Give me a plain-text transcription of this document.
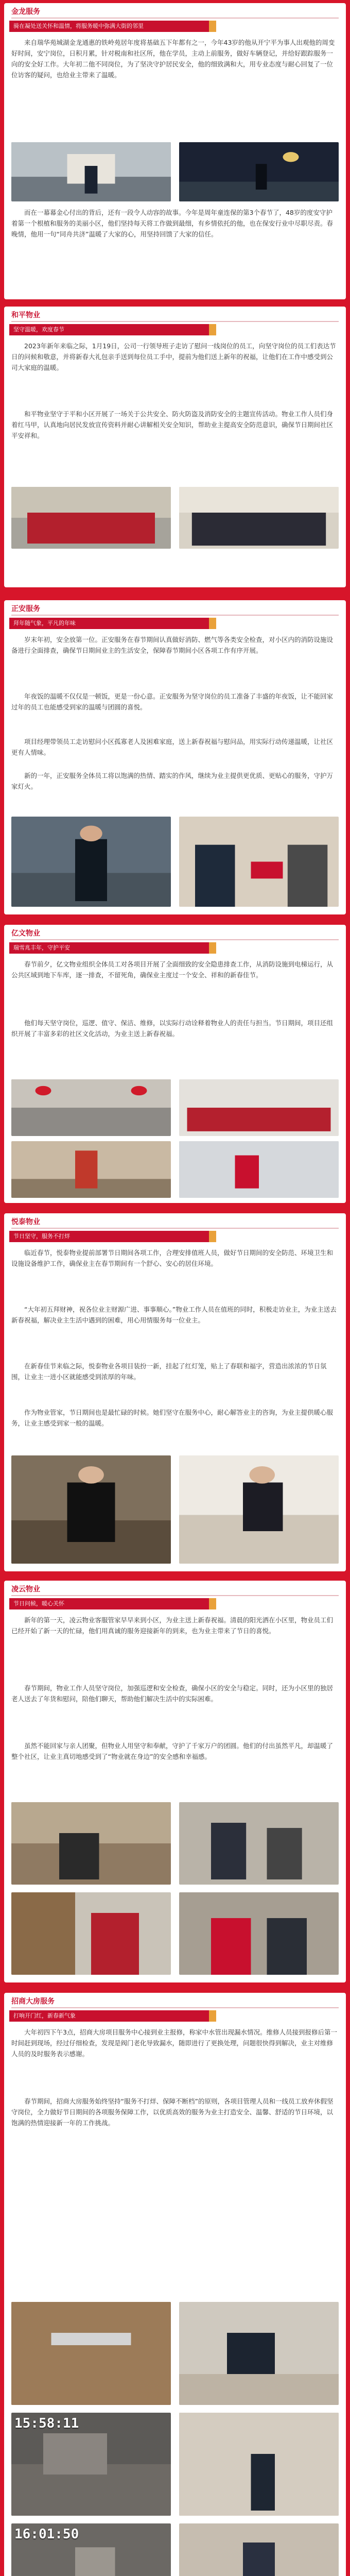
金龙服务
骑在凝处送关怀和温情，将服务暖中弥满大街的邻里

来自瑞华苑城湖金龙通惠的铁岭苑居年度将基础五下年都有之一，今年43岁的他从开宁平为事人出观他的周变好时间，安宁岗位，日积月累，针对税南和社区所，他在学员，主动上前服务，做好车辆登记，并给好跟踪服务一向的安全好工作。大年初二他不同岗位，为了坚决守护居民安全，他的细致满和大，用专业态度与耐心回复了一位位访客的疑问，也给业主带来了温暖。

而在一幕幕金心付出的背后，还有一段令人动容的故事。今年是周年童连保的第3个春节了，48岁的度安守护着第一个根植和服务的美丽小区，他们坚持每天将工作做到最细，有乡情依托的他，也在保安行业中尽职尽责。春晚情，他用一句“同舟共济”温暖了大家的心，用坚持回馈了大家的信任。

和平物业
坚守温暖，欢度春节

2023年新年来临之际，1月19日，公司一行领导班子走访了慰问一线岗位的员工，向坚守岗位的员工们表达节日的问候和敬意，并将新春大礼包亲手送到每位员工手中，提前为他们送上新年的祝福，让他们在工作中感受到公司大家庭的温暖。

和平物业坚守于平和小区开展了一场关于公共安全、防火防盗及消防安全的主题宣传活动。物业工作人员们身着红马甲，认真地向居民发放宣传资料并耐心讲解相关安全知识，帮助业主提高安全防范意识，确保节日期间社区平安祥和。

正安服务
拜年随气象，平凡的年味

岁末年初，安全放第一位。正安服务在春节期间认真做好消防、燃气等各类安全检查，对小区内的消防设施设备进行全面排查，确保节日期间业主的生活安全，保障春节期间小区各项工作有序开展。

年夜饭的温暖不仅仅是一顿饭，更是一份心意。正安服务为坚守岗位的员工准备了丰盛的年夜饭，让不能回家过年的员工也能感受到家的温暖与团圆的喜悦。

项目经理带领员工走访慰问小区孤寡老人及困难家庭，送上新春祝福与慰问品，用实际行动传递温暖，让社区更有人情味。

新的一年，正安服务全体员工将以饱满的热情、踏实的作风，继续为业主提供更优质、更贴心的服务，守护万家灯火。

亿文物业
瑞雪兆丰年，守护平安

春节前夕，亿文物业组织全体员工对各项目开展了全面细致的安全隐患排查工作，从消防设施到电梯运行，从公共区域到地下车库，逐一排查，不留死角，确保业主度过一个安全、祥和的新春佳节。

他们每天坚守岗位，巡逻、值守、保洁、维修，以实际行动诠释着物业人的责任与担当。节日期间，项目还组织开展了丰富多彩的社区文化活动，为业主送上新春祝福。

悦泰物业
节日坚守，服务不打烊

临近春节，悦泰物业提前部署节日期间各项工作，合理安排值班人员，做好节日期间的安全防范、环境卫生和设施设备维护工作，确保业主在春节期间有一个舒心、安心的居住环境。

“大年初五拜财神，祝各位业主财源广进、事事顺心。”物业工作人员在值班的同时，积极走访业主，为业主送去新春祝福，解决业主生活中遇到的困难，用心用情服务每一位业主。

在新春佳节来临之际，悦泰物业各项目装扮一新，挂起了红灯笼，贴上了春联和福字，营造出浓浓的节日氛围，让业主一进小区就能感受到浓厚的年味。

作为物业管家，节日期间也是最忙碌的时候。她们坚守在服务中心，耐心解答业主的咨询，为业主提供暖心服务，让业主感受到家一般的温暖。

凌云物业
节日问候，暖心关怀

新年的第一天，凌云物业客服管家早早来到小区，为业主送上新春祝福。清晨的阳光洒在小区里，物业员工们已经开始了新一天的忙碌，他们用真诚的服务迎接新年的到来，也为业主带来了节日的喜悦。

春节期间，物业工作人员坚守岗位，加强巡逻和安全检查，确保小区的安全与稳定。同时，还为小区里的独居老人送去了年货和慰问，陪他们聊天，帮助他们解决生活中的实际困难。

虽然不能回家与亲人团聚，但物业人用坚守和奉献，守护了千家万户的团圆。他们的付出虽然平凡，却温暖了整个社区，让业主真切地感受到了“物业就在身边”的安全感和幸福感。

招商大房服务
打响开门红，新春新气象

大年初四下午3点，招商大房项目服务中心接到业主报修，称家中水管出现漏水情况。维修人员接到报修后第一时间赶到现场，经过仔细检查，发现是阀门老化导致漏水，随即进行了更换处理，问题很快得到解决，业主对维修人员的及时服务表示感谢。

春节期间，招商大房服务始终坚持“服务不打烊、保障不断档”的原则，各项目管理人员和一线员工放弃休假坚守岗位，全力做好节日期间的各项服务保障工作，以优质高效的服务为业主打造安全、温馨、舒适的节日环境，以饱满的热情迎接新一年的工作挑战。

15:58:11
16:01:50
